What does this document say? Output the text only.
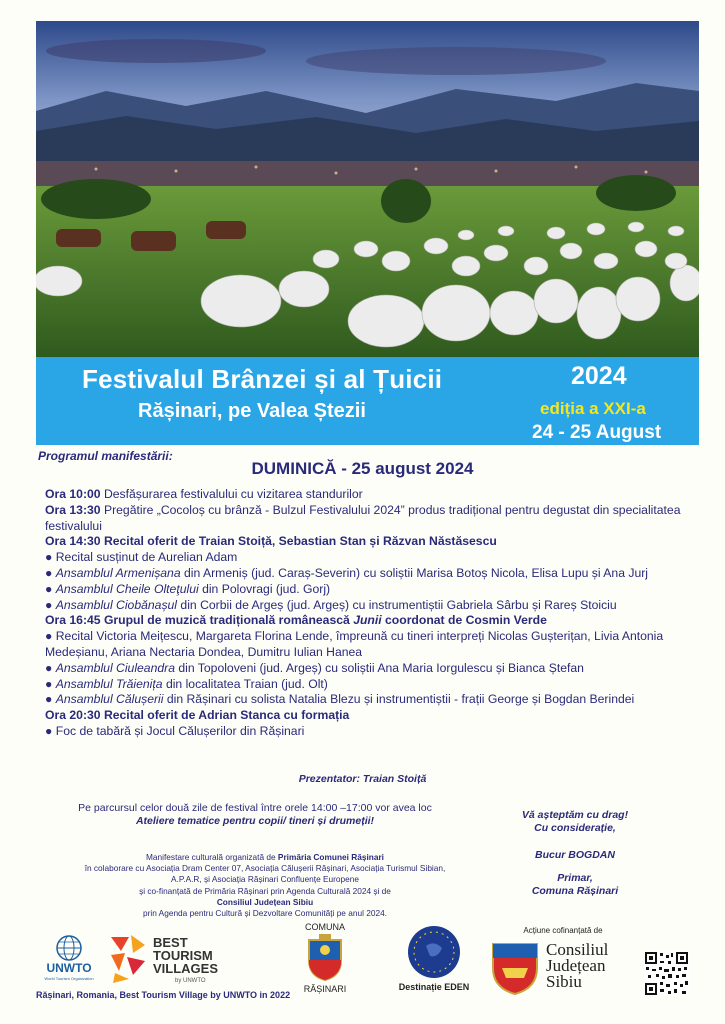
Festivalul Brânzei și al Țuicii
Rășinari, pe Valea Ștezii
2024
ediția a XXI-a
24 - 25 August
Programul manifestării:
DUMINICĂ - 25 august 2024

Ora 10:00 Desfășurarea festivalului cu vizitarea standurilor

Ora 13:30 Pregătire „Cocoloș cu brânză - Bulzul Festivalului 2024” produs tradițional pentru degustat din specialitatea festivalului

Ora 14:30 Recital oferit de Traian Stoiță, Sebastian Stan și Răzvan Năstăsescu

● Recital susținut de Aurelian Adam

● Ansamblul Armenișana din Armeniș (jud. Caraș-Severin) cu soliștii Marisa Botoș Nicola, Elisa Lupu și Ana Jurj

● Ansamblul Cheile Olteţului din Polovragi (jud. Gorj)

● Ansamblul Ciobănașul din Corbii de Argeș (jud. Argeș) cu instrumentiștii Gabriela Sârbu și Rareș Stoiciu

Ora 16:45 Grupul de muzică tradițională românească Junii coordonat de Cosmin Verde

● Recital Victoria Meițescu, Margareta Florina Lende, împreună cu tineri interpreți Nicolas Gușterițan, Livia Antonia Medeșianu, Ariana Nectaria Dondea, Dumitru Iulian Hanea

● Ansamblul Ciuleandra din Topoloveni (jud. Argeș) cu soliștii Ana Maria Iorgulescu și Bianca Ștefan

● Ansamblul Trăienița din localitatea Traian (jud. Olt)

● Ansamblul Călușerii din Rășinari cu solista Natalia Blezu și instrumentiștii - frații George și Bogdan Berindei

Ora 20:30 Recital oferit de Adrian Stanca cu formația

● Foc de tabără și Jocul Călușerilor din Rășinari

Prezentator: Traian Stoiță
Pe parcursul celor două zile de festival între orele 14:00 –17:00 vor avea loc
Ateliere tematice pentru copii/ tineri și drumeții!	Vă așteptăm cu drag!
Cu considerație,
Bucur BOGDAN
Primar,
Comuna Rășinari
Manifestare culturală organizată de Primăria Comunei Rășinari
în colaborare cu Asociația Dram Center 07, Asociația Călușerii Rășinari, Asociația Turismul Sibian,
A.P.A.R, și Asociația Rășinari Confluențe Europene
și co-finanțată de Primăria Rășinari prin Agenda Culturală 2024 și de
Consiliul Județean Sibiu
prin Agenda pentru Cultură și Dezvoltare Comunități pe anul 2024.
UNWTO
World Tourism Organization
BEST
TOURISM
VILLAGES
by UNWTO
Rășinari, Romania, Best Tourism Village by UNWTO in 2022
COMUNA
RĂȘINARI	Destinație EDEN
Acțiune cofinanțată de
Consiliul
Județean
Sibiu
